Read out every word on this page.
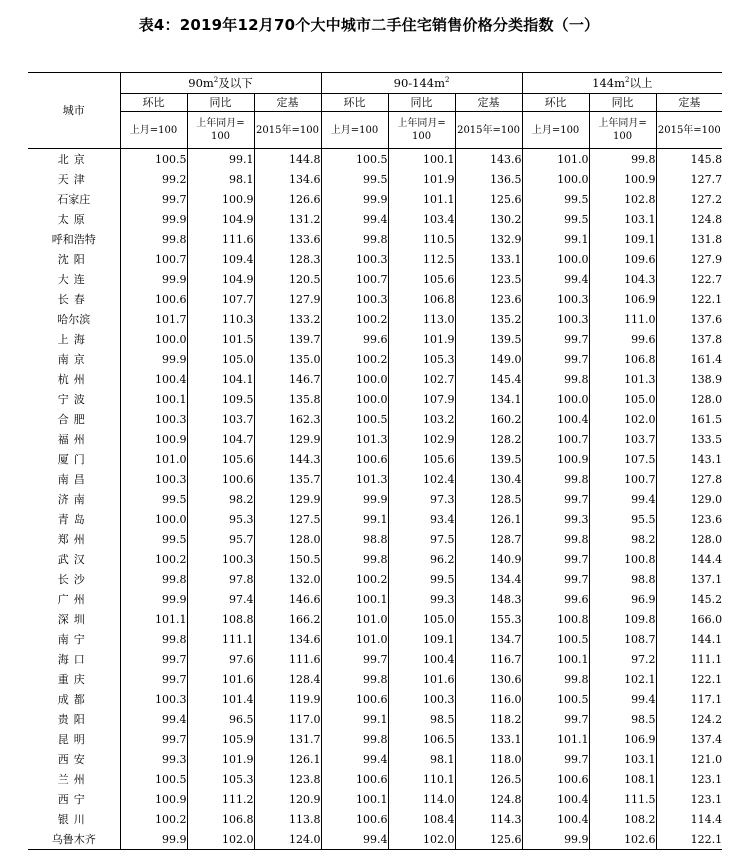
表4：2019年12月70个大中城市二手住宅销售价格分类指数（一）
城市	$90m^2$及以下			$90-144m^2$			$144m^2$以上		
	环比	同比	定基	环比	同比	定基	环比	同比	定基
	上月=100	上年同月=100	2015年=100	上月=100	上年同月=100	2015年=100	上月=100	上年同月=100	2015年=100
北京	100.5	99.1	144.8	100.5	100.1	143.6	101.0	99.8	145.8
天津	99.2	98.1	134.6	99.5	101.9	136.5	100.0	100.9	127.7
石家庄	99.7	100.9	126.6	99.9	101.1	125.6	99.5	102.8	127.2
太原	99.9	104.9	131.2	99.4	103.4	130.2	99.5	103.1	124.8
呼和浩特	99.8	111.6	133.6	99.8	110.5	132.9	99.1	109.1	131.8
沈阳	100.7	109.4	128.3	100.3	112.5	133.1	100.0	109.6	127.9
大连	99.9	104.9	120.5	100.7	105.6	123.5	99.4	104.3	122.7
长春	100.6	107.7	127.9	100.3	106.8	123.6	100.3	106.9	122.1
哈尔滨	101.7	110.3	133.2	100.2	113.0	135.2	100.3	111.0	137.6
上海	100.0	101.5	139.7	99.6	101.9	139.5	99.7	99.6	137.8
南京	99.9	105.0	135.0	100.2	105.3	149.0	99.7	106.8	161.4
杭州	100.4	104.1	146.7	100.0	102.7	145.4	99.8	101.3	138.9
宁波	100.1	109.5	135.8	100.0	107.9	134.1	100.0	105.0	128.0
合肥	100.3	103.7	162.3	100.5	103.2	160.2	100.4	102.0	161.5
福州	100.9	104.7	129.9	101.3	102.9	128.2	100.7	103.7	133.5
厦门	101.0	105.6	144.3	100.6	105.6	139.5	100.9	107.5	143.1
南昌	100.3	100.6	135.7	101.3	102.4	130.4	99.8	100.7	127.8
济南	99.5	98.2	129.9	99.9	97.3	128.5	99.7	99.4	129.0
青岛	100.0	95.3	127.5	99.1	93.4	126.1	99.3	95.5	123.6
郑州	99.5	95.7	128.0	98.8	97.5	128.7	99.8	98.2	128.0
武汉	100.2	100.3	150.5	99.8	96.2	140.9	99.7	100.8	144.4
长沙	99.8	97.8	132.0	100.2	99.5	134.4	99.7	98.8	137.1
广州	99.9	97.4	146.6	100.1	99.3	148.3	99.6	96.9	145.2
深圳	101.1	108.8	166.2	101.0	105.0	155.3	100.8	109.8	166.0
南宁	99.8	111.1	134.6	101.0	109.1	134.7	100.5	108.7	144.1
海口	99.7	97.6	111.6	99.7	100.4	116.7	100.1	97.2	111.1
重庆	99.7	101.6	128.4	99.8	101.6	130.6	99.8	102.1	122.1
成都	100.3	101.4	119.9	100.6	100.3	116.0	100.5	99.4	117.1
贵阳	99.4	96.5	117.0	99.1	98.5	118.2	99.7	98.5	124.2
昆明	99.7	105.9	131.7	99.8	106.5	133.1	101.1	106.9	137.4
西安	99.3	101.9	126.1	99.4	98.1	118.0	99.7	103.1	121.0
兰州	100.5	105.3	123.8	100.6	110.1	126.5	100.6	108.1	123.1
西宁	100.9	111.2	120.9	100.1	114.0	124.8	100.4	111.5	123.1
银川	100.2	106.8	113.8	100.6	108.4	114.3	100.4	108.2	114.4
乌鲁木齐	99.9	102.0	124.0	99.4	102.0	125.6	99.9	102.6	122.1
